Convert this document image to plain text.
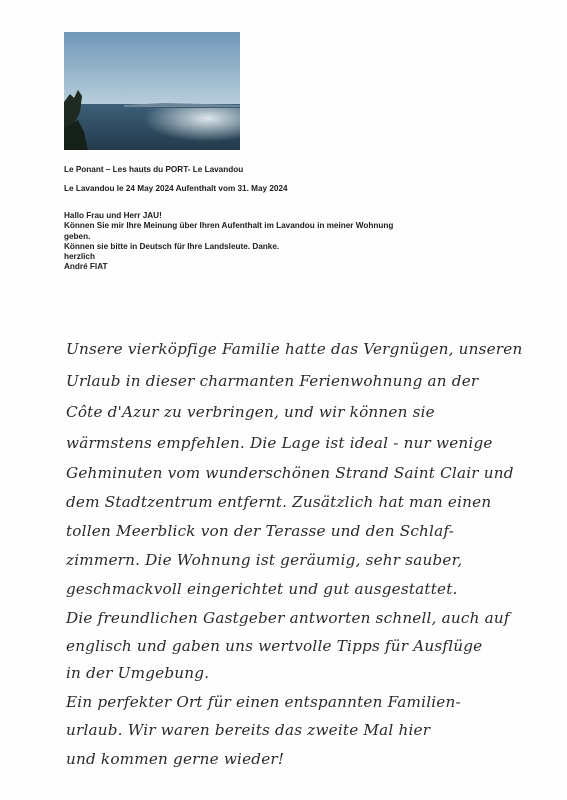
Le Ponant – Les hauts du PORT- Le Lavandou
Le Lavandou le 24 May 2024 Aufenthalt vom 31. May 2024
Hallo Frau und Herr JAU!
Können Sie mir Ihre Meinung über Ihren Aufenthalt im Lavandou in meiner Wohnung
geben.
Können sie bitte in Deutsch für Ihre Landsleute. Danke.
herzlich
André FIAT
Unsere vierköpfige Familie hatte das Vergnügen, unseren
Urlaub in dieser charmanten Ferienwohnung an der
Côte d'Azur zu verbringen, und wir können sie
wärmstens empfehlen. Die Lage ist ideal - nur wenige
Gehminuten vom wunderschönen Strand Saint Clair und
dem Stadtzentrum entfernt. Zusätzlich hat man einen
tollen Meerblick von der Terasse und den Schlaf-
zimmern. Die Wohnung ist geräumig, sehr sauber,
geschmackvoll eingerichtet und gut ausgestattet.
Die freundlichen Gastgeber antworten schnell, auch auf
englisch und gaben uns wertvolle Tipps für Ausflüge
in der Umgebung.
Ein perfekter Ort für einen entspannten Familien-
urlaub. Wir waren bereits das zweite Mal hier
und kommen gerne wieder!
